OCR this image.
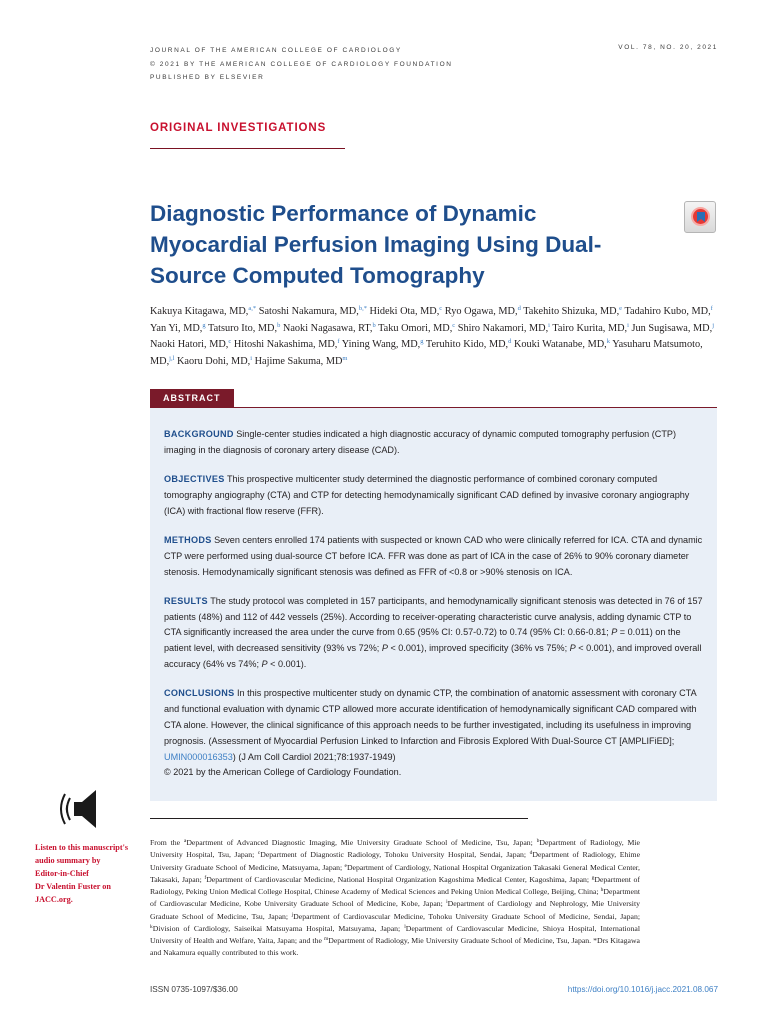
JOURNAL OF THE AMERICAN COLLEGE OF CARDIOLOGY
© 2021 BY THE AMERICAN COLLEGE OF CARDIOLOGY FOUNDATION
PUBLISHED BY ELSEVIER
VOL. 78, NO. 20, 2021
ORIGINAL INVESTIGATIONS
Diagnostic Performance of Dynamic Myocardial Perfusion Imaging Using Dual-Source Computed Tomography
Kakuya Kitagawa, MD,$^{a,*}$ Satoshi Nakamura, MD,$^{b,*}$ Hideki Ota, MD,$^c$ Ryo Ogawa, MD,$^d$ Takehito Shizuka, MD,$^e$ Tadahiro Kubo, MD,$^f$ Yan Yi, MD,$^g$ Tatsuro Ito, MD,$^b$ Naoki Nagasawa, RT,$^b$ Taku Omori, MD,$^c$ Shiro Nakamori, MD,$^i$ Tairo Kurita, MD,$^i$ Jun Sugisawa, MD,$^j$ Naoki Hatori, MD,$^c$ Hitoshi Nakashima, MD,$^f$ Yining Wang, MD,$^g$ Teruhito Kido, MD,$^d$ Kouki Watanabe, MD,$^k$ Yasuharu Matsumoto, MD,$^{j,l}$ Kaoru Dohi, MD,$^i$ Hajime Sakuma, $MD^m$
ABSTRACT

BACKGROUND Single-center studies indicated a high diagnostic accuracy of dynamic computed tomography perfusion (CTP) imaging in the diagnosis of coronary artery disease (CAD).

OBJECTIVES This prospective multicenter study determined the diagnostic performance of combined coronary computed tomography angiography (CTA) and CTP for detecting hemodynamically significant CAD defined by invasive coronary angiography (ICA) with fractional flow reserve (FFR).

METHODS Seven centers enrolled 174 patients with suspected or known CAD who were clinically referred for ICA. CTA and dynamic CTP were performed using dual-source CT before ICA. FFR was done as part of ICA in the case of 26% to 90% coronary diameter stenosis. Hemodynamically significant stenosis was defined as FFR of <0.8 or >90% stenosis on ICA.

RESULTS The study protocol was completed in 157 participants, and hemodynamically significant stenosis was detected in 76 of 157 patients (48%) and 112 of 442 vessels (25%). According to receiver-operating characteristic curve analysis, adding dynamic CTP to CTA significantly increased the area under the curve from 0.65 (95% CI: 0.57-0.72) to 0.74 (95% CI: 0.66-0.81; P = 0.011) on the patient level, with decreased sensitivity (93% vs 72%; P < 0.001), improved specificity (36% vs 75%; P < 0.001), and improved overall accuracy (64% vs 74%; P < 0.001).

CONCLUSIONS In this prospective multicenter study on dynamic CTP, the combination of anatomic assessment with coronary CTA and functional evaluation with dynamic CTP allowed more accurate identification of hemodynamically significant CAD compared with CTA alone. However, the clinical significance of this approach needs to be further investigated, including its usefulness in improving prognosis. (Assessment of Myocardial Perfusion Linked to Infarction and Fibrosis Explored With Dual-Source CT [AMPLIFiED]; UMIN000016353) (J Am Coll Cardiol 2021;78:1937-1949)
© 2021 by the American College of Cardiology Foundation.

Listen to this manuscript's
audio summary by
Editor-in-Chief
Dr Valentin Fuster on
JACC.org.
From the $^a$Department of Advanced Diagnostic Imaging, Mie University Graduate School of Medicine, Tsu, Japan; $^b$Department of Radiology, Mie University Hospital, Tsu, Japan; $^c$Department of Diagnostic Radiology, Tohoku University Hospital, Sendai, Japan; $^d$Department of Radiology, Ehime University Graduate School of Medicine, Matsuyama, Japan; $^e$Department of Cardiology, National Hospital Organization Takasaki General Medical Center, Takasaki, Japan; $^f$Department of Cardiovascular Medicine, National Hospital Organization Kagoshima Medical Center, Kagoshima, Japan; $^g$Department of Radiology, Peking Union Medical College Hospital, Chinese Academy of Medical Sciences and Peking Union Medical College, Beijing, China; $^h$Department of Cardiovascular Medicine, Kobe University Graduate School of Medicine, Kobe, Japan; $^i$Department of Cardiology and Nephrology, Mie University Graduate School of Medicine, Tsu, Japan; $^j$Department of Cardiovascular Medicine, Tohoku University Graduate School of Medicine, Sendai, Japan; $^k$Division of Cardiology, Saiseikai Matsuyama Hospital, Matsuyama, Japan; $^l$Department of Cardiovascular Medicine, Shioya Hospital, International University of Health and Welfare, Yaita, Japan; and the $^m$Department of Radiology, Mie University Graduate School of Medicine, Tsu, Japan. *Drs Kitagawa and Nakamura equally contributed to this work.
ISSN 0735-1097/$36.00	https://doi.org/10.1016/j.jacc.2021.08.067
